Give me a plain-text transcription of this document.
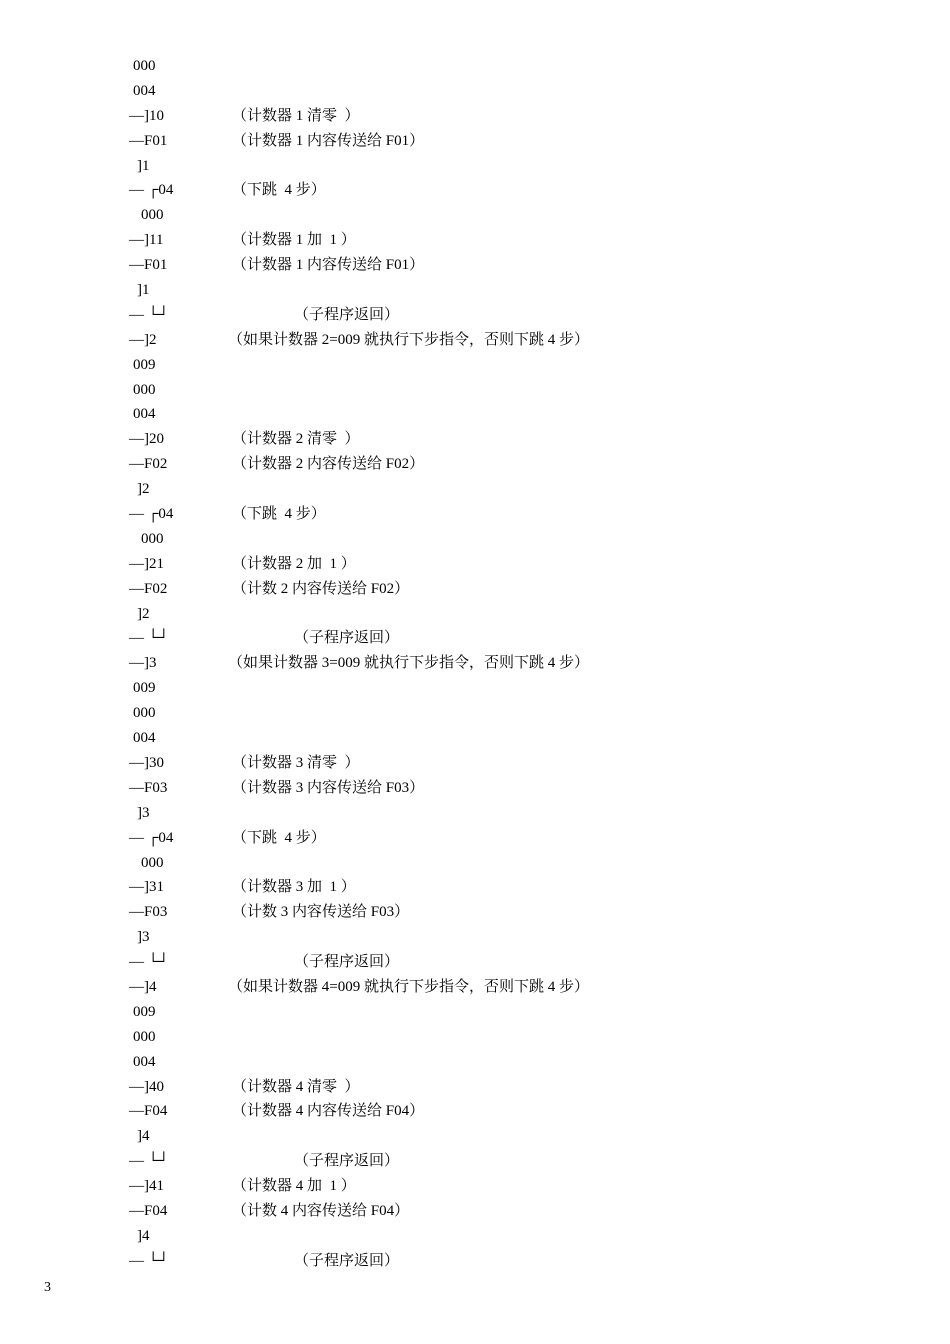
000
004
—]10	（计数器 1 清零  ）
—F01	（计数器 1 内容传送给 F01）
]1
— ┌04	（下跳  4 步）
000
—]11	（计数器 1 加  1 ）
—F01	（计数器 1 内容传送给 F01）
]1
— └┘	（子程序返回）
—]2	（如果计数器 2=009 就执行下步指令，否则下跳 4 步）
009
000
004
—]20	（计数器 2 清零  ）
—F02	（计数器 2 内容传送给 F02）
]2
— ┌04	（下跳  4 步）
000
—]21	（计数器 2 加  1 ）
—F02	（计数 2 内容传送给 F02）
]2
— └┘	（子程序返回）
—]3	（如果计数器 3=009 就执行下步指令，否则下跳 4 步）
009
000
004
—]30	（计数器 3 清零  ）
—F03	（计数器 3 内容传送给 F03）
]3
— ┌04	（下跳  4 步）
000
—]31	（计数器 3 加  1 ）
—F03	（计数 3 内容传送给 F03）
]3
— └┘	（子程序返回）
—]4	（如果计数器 4=009 就执行下步指令，否则下跳 4 步）
009
000
004
—]40	（计数器 4 清零  ）
—F04	（计数器 4 内容传送给 F04）
]4
— └┘	（子程序返回）
—]41	（计数器 4 加  1 ）
—F04	（计数 4 内容传送给 F04）
]4
— └┘	（子程序返回）
3
